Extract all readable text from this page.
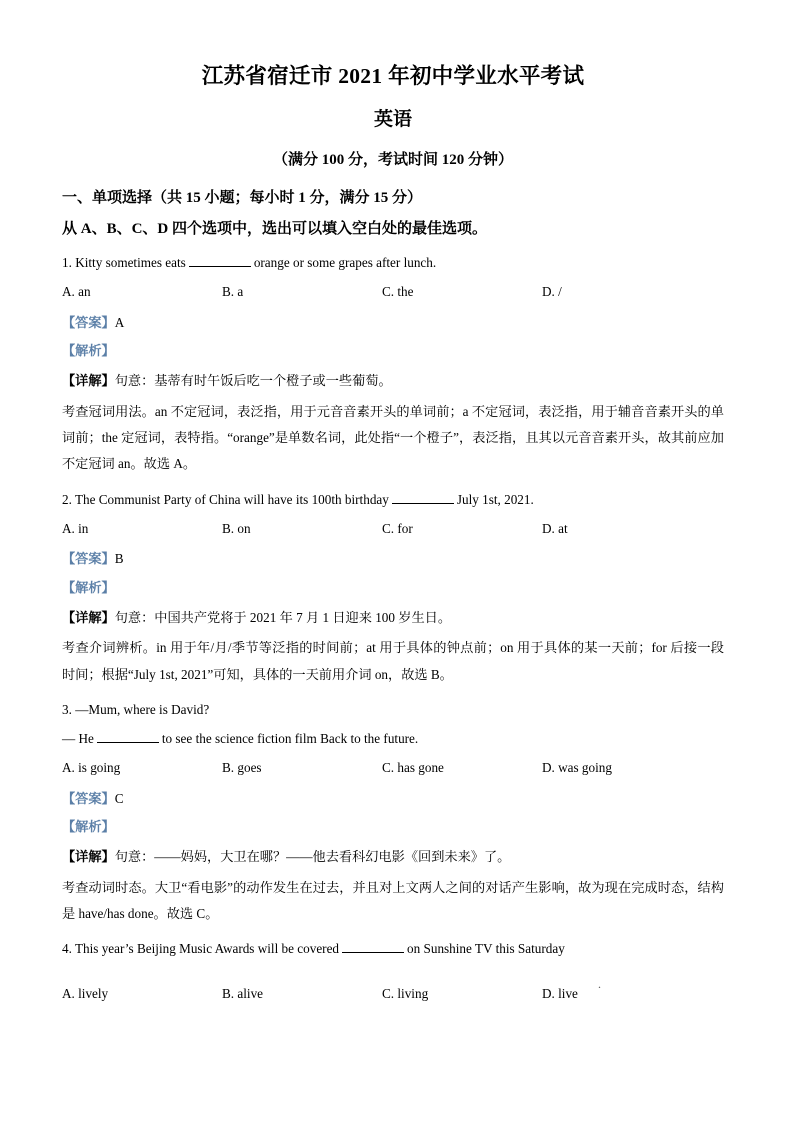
江苏省宿迁市 2021 年初中学业水平考试
英语
（满分 100 分，考试时间 120 分钟）
一、单项选择（共 15 小题；每小时 1 分，满分 15 分）
从 A、B、C、D 四个选项中，选出可以填入空白处的最佳选项。
1. Kitty sometimes eats	orange or some grapes after lunch.
A. an	B. a	C. the	D. /
【答案】A
【解析】
【详解】句意：基蒂有时午饭后吃一个橙子或一些葡萄。
考查冠词用法。an 不定冠词，表泛指，用于元音音素开头的单词前；a 不定冠词，表泛指，用于辅音音素开头的单词前；the 定冠词，表特指。“orange”是单数名词，此处指“一个橙子”，表泛指，且其以元音音素开头，故其前应加不定冠词 an。故选 A。
2. The Communist Party of China will have its 100th birthday	July 1st, 2021.
A. in	B. on	C. for	D. at
【答案】B
【解析】
【详解】句意：中国共产党将于 2021 年 7 月 1 日迎来 100 岁生日。
考查介词辨析。in 用于年/月/季节等泛指的时间前；at 用于具体的钟点前；on 用于具体的某一天前；for 后接一段时间；根据“July 1st, 2021”可知，具体的一天前用介词 on，故选 B。
3. —Mum, where is David?
— He	to see the science fiction film Back to the future.
A. is going	B. goes	C. has gone	D. was going
【答案】C
【解析】
【详解】句意：——妈妈，大卫在哪？——他去看科幻电影《回到未来》了。
考查动词时态。大卫“看电影”的动作发生在过去，并且对上文两人之间的对话产生影响，故为现在完成时态，结构是 have/has done。故选 C。
4. This year’s Beijing Music Awards will be covered	on Sunshine TV this Saturday
A. lively	B. alive	C. living	D. live
.
